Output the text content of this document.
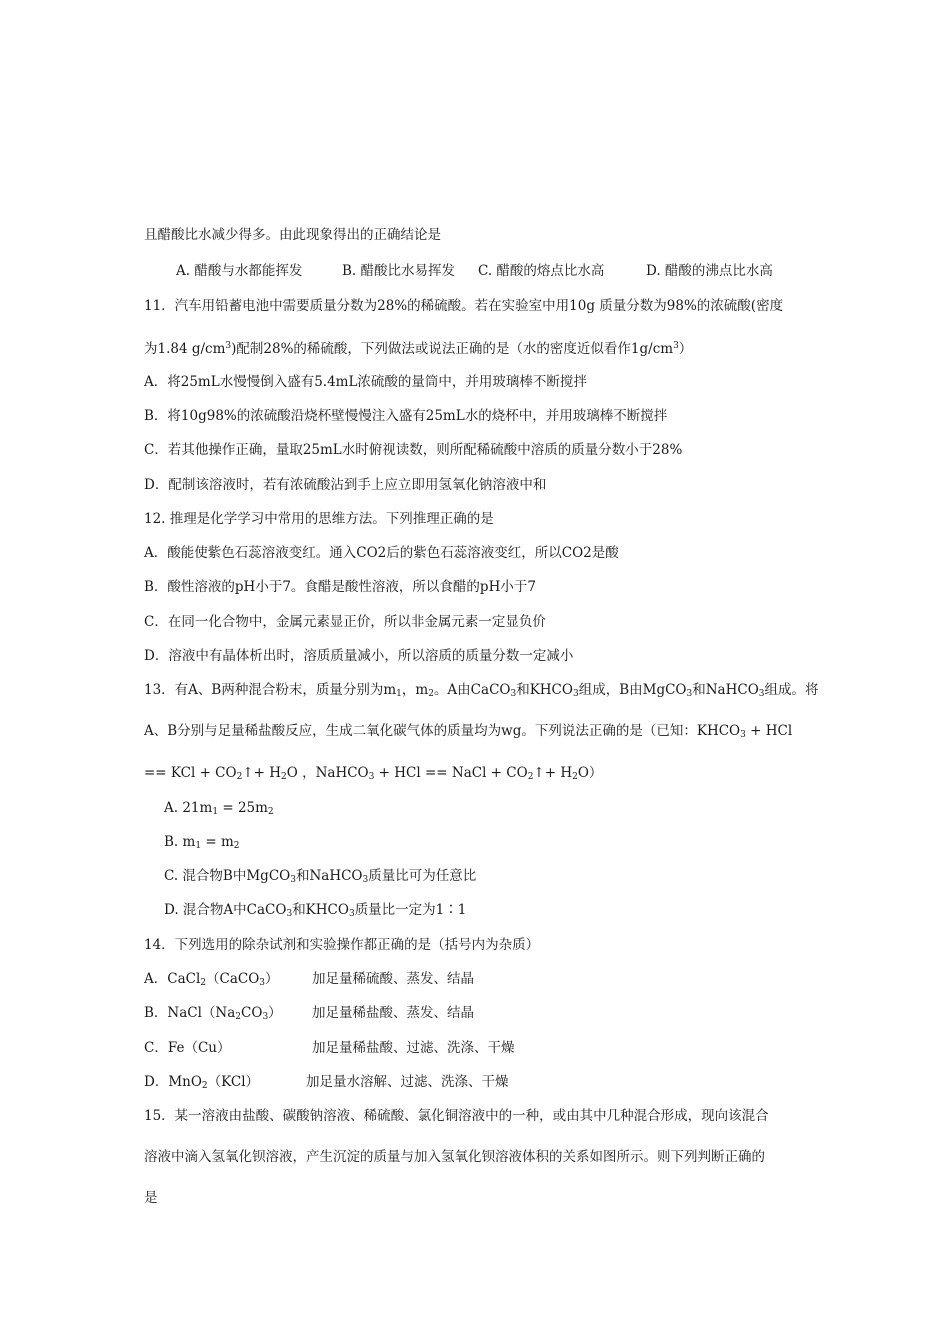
且醋酸比水减少得多。由此现象得出的正确结论是
A. 醋酸与水都能挥发	B. 醋酸比水易挥发 C. 醋酸的熔点比水高	D. 醋酸的沸点比水高
11．汽车用铅蓄电池中需要质量分数为28%的稀硫酸。若在实验室中用10g 质量分数为98%的浓硫酸(密度
为1.84 $g/cm^3$)配制28%的稀硫酸，下列做法或说法正确的是（水的密度近似看作$1g/cm^3$）
A．将25mL水慢慢倒入盛有5.4mL浓硫酸的量筒中，并用玻璃棒不断搅拌
B．将10g98%的浓硫酸沿烧杯壁慢慢注入盛有25mL水的烧杯中，并用玻璃棒不断搅拌
C．若其他操作正确，量取25mL水时俯视读数，则所配稀硫酸中溶质的质量分数小于28%
D．配制该溶液时，若有浓硫酸沾到手上应立即用氢氧化钠溶液中和
12. 推理是化学学习中常用的思维方法。下列推理正确的是
A．酸能使紫色石蕊溶液变红。通入CO2后的紫色石蕊溶液变红，所以CO2是酸
B．酸性溶液的pH小于7。食醋是酸性溶液，所以食醋的pH小于7
C．在同一化合物中，金属元素显正价，所以非金属元素一定显负价
D．溶液中有晶体析出时，溶质质量减小，所以溶质的质量分数一定减小
13．有A、B两种混合粉末，质量分别为$m_1$，$m_2$。A由CaCO$_3$和$KHCO_3$组成，B由MgCO$_3$和NaHCO$_3$组成。将
A、B分别与足量稀盐酸反应，生成二氧化碳气体的质量均为wg。下列说法正确的是（已知：$KHCO_3$ + HCl
== KCl + $CO_2↑+ H_2O$ ，NaHCO$_3$ + HCl == NaCl + $CO_2↑+ H_2O$）
A. $21m_1 = 25m_2$
B. $m_1 = m_2$
C. 混合物B中MgCO$_3$和NaHCO$_3$质量比可为任意比
D. 混合物A中CaCO$_3$和$KHCO_3$质量比一定为1∶1
14．下列选用的除杂试剂和实验操作都正确的是（括号内为杂质）
A．CaCl$_2$（CaCO$_3$） 加足量稀硫酸、蒸发、结晶
B．$NaCl(Na_2CO_3)$ 加足量稀盐酸、蒸发、结晶
C．Fe（Cu）	加足量稀盐酸、过滤、洗涤、干燥
D．MnO$_2$（KCl）	加足量水溶解、过滤、洗涤、干燥
15．某一溶液由盐酸、碳酸钠溶液、稀硫酸、氯化铜溶液中的一种，或由其中几种混合形成，现向该混合
溶液中滴入氢氧化钡溶液，产生沉淀的质量与加入氢氧化钡溶液体积的关系如图所示。则下列判断正确的
是
